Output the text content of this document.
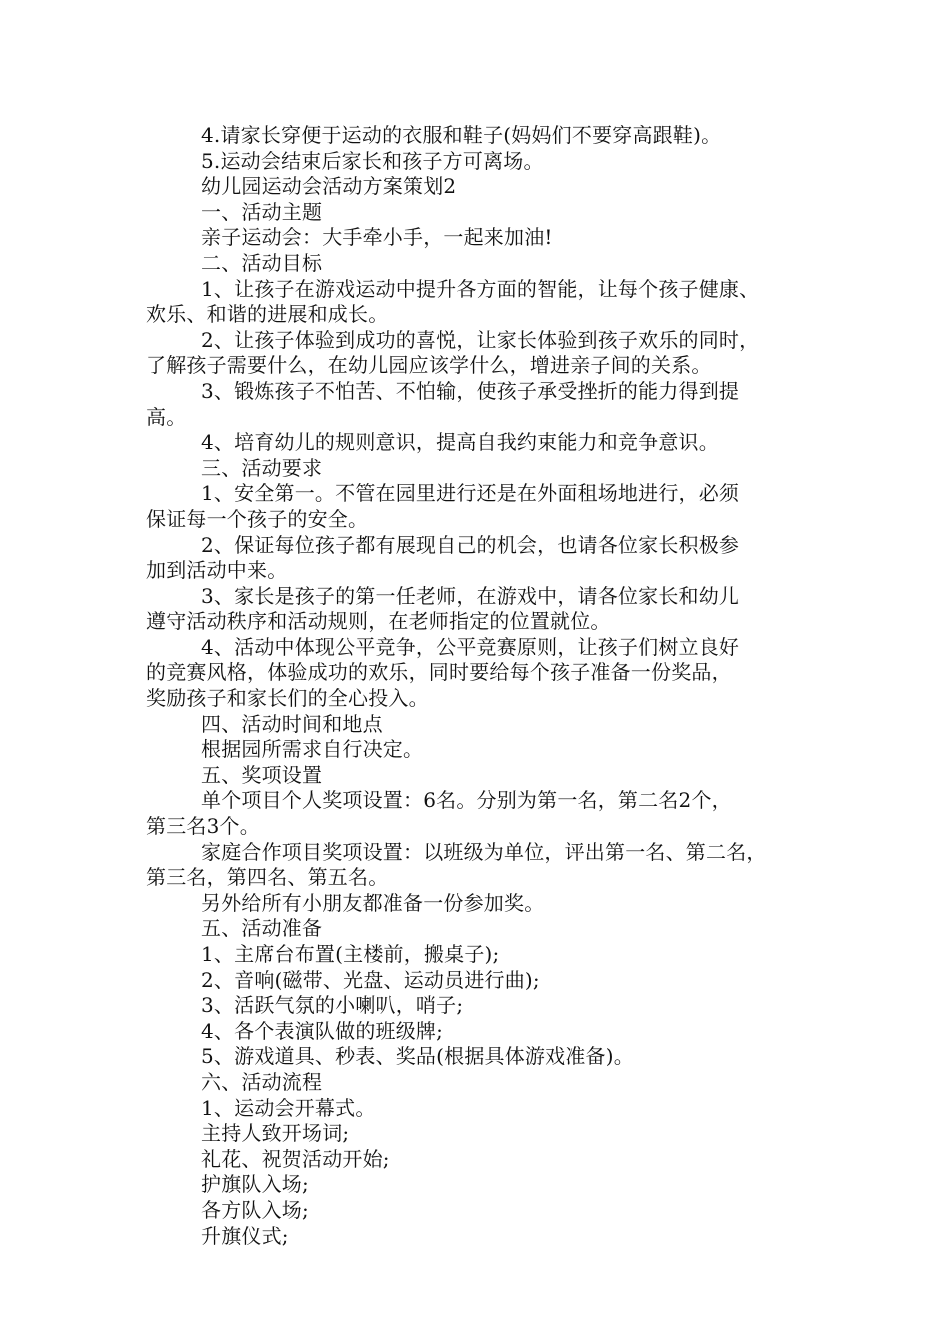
4.请家长穿便于运动的衣服和鞋子(妈妈们不要穿高跟鞋)。
5.运动会结束后家长和孩子方可离场。
幼儿园运动会活动方案策划2
一、活动主题
亲子运动会：大手牵小手，一起来加油!
二、活动目标
1、让孩子在游戏运动中提升各方面的智能，让每个孩子健康、
欢乐、和谐的进展和成长。
2、让孩子体验到成功的喜悦，让家长体验到孩子欢乐的同时，
了解孩子需要什么，在幼儿园应该学什么，增进亲子间的关系。
3、锻炼孩子不怕苦、不怕输，使孩子承受挫折的能力得到提
高。
4、培育幼儿的规则意识，提高自我约束能力和竞争意识。
三、活动要求
1、安全第一。不管在园里进行还是在外面租场地进行，必须
保证每一个孩子的安全。
2、保证每位孩子都有展现自己的机会，也请各位家长积极参
加到活动中来。
3、家长是孩子的第一任老师，在游戏中，请各位家长和幼儿
遵守活动秩序和活动规则，在老师指定的位置就位。
4、活动中体现公平竞争，公平竞赛原则，让孩子们树立良好
的竞赛风格，体验成功的欢乐，同时要给每个孩子准备一份奖品，
奖励孩子和家长们的全心投入。
四、活动时间和地点
根据园所需求自行决定。
五、奖项设置
单个项目个人奖项设置：6名。分别为第一名，第二名2个，
第三名3个。
家庭合作项目奖项设置：以班级为单位，评出第一名、第二名，
第三名，第四名、第五名。
另外给所有小朋友都准备一份参加奖。
五、活动准备
1、主席台布置(主楼前，搬桌子);
2、音响(磁带、光盘、运动员进行曲);
3、活跃气氛的小喇叭，哨子;
4、各个表演队做的班级牌;
5、游戏道具、秒表、奖品(根据具体游戏准备)。
六、活动流程
1、运动会开幕式。
主持人致开场词;
礼花、祝贺活动开始;
护旗队入场;
各方队入场;
升旗仪式;
